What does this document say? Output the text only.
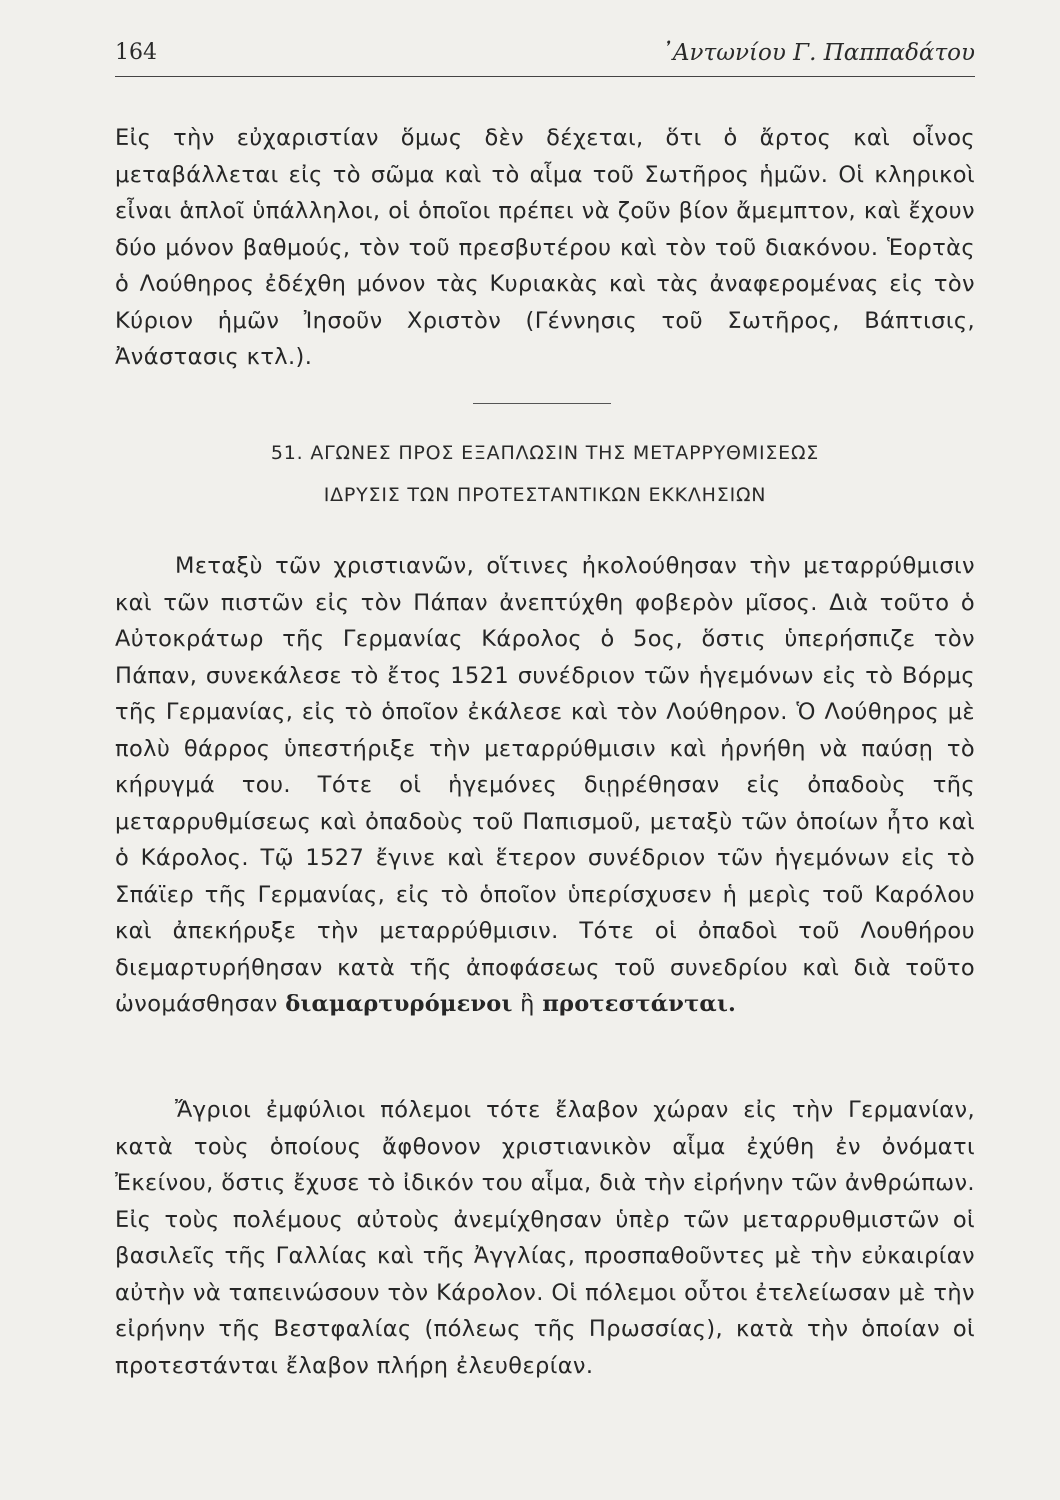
164	᾿Αντωνίου Γ. Παππαδάτου

Εἰς τὴν εὐχαριστίαν ὅμως δὲν δέχεται, ὅτι ὁ ἄρτος καὶ οἶνος μεταβάλλεται εἰς τὸ σῶμα καὶ τὸ αἷμα τοῦ Σωτῆρος ἡμῶν. Οἱ κληρικοὶ εἶναι ἁπλοῖ ὑπάλληλοι, οἱ ὁποῖοι πρέπει νὰ ζοῦν βίον ἄμεμπτον, καὶ ἔχουν δύο μόνον βαθμούς, τὸν τοῦ πρεσβυτέρου καὶ τὸν τοῦ διακόνου. Ἑορτὰς ὁ Λούθηρος ἐδέχθη μόνον τὰς Κυριακὰς καὶ τὰς ἀναφερομένας εἰς τὸν Κύριον ἡμῶν Ἰησοῦν Χριστὸν (Γέννησις τοῦ Σωτῆρος, Βάπτισις, Ἀνάστασις κτλ.).

51. ΑΓΩΝΕΣ ΠΡΟΣ ΕΞΑΠΛΩΣΙΝ ΤΗΣ ΜΕΤΑΡΡΥΘΜΙΣΕΩΣ
ΙΔΡΥΣΙΣ ΤΩΝ ΠΡΟΤΕΣΤΑΝΤΙΚΩΝ ΕΚΚΛΗΣΙΩΝ

Μεταξὺ τῶν χριστιανῶν, οἵτινες ἠκολούθησαν τὴν μεταρρύθμισιν καὶ τῶν πιστῶν εἰς τὸν Πάπαν ἀνεπτύχθη φοβερὸν μῖσος. Διὰ τοῦτο ὁ Αὐτοκράτωρ τῆς Γερμανίας Κάρολος ὁ 5ος, ὅστις ὑπερήσπιζε τὸν Πάπαν, συνεκάλεσε τὸ ἔτος 1521 συνέδριον τῶν ἡγεμόνων εἰς τὸ Βόρμς τῆς Γερμανίας, εἰς τὸ ὁποῖον ἐκάλεσε καὶ τὸν Λούθηρον. Ὁ Λούθηρος μὲ πολὺ θάρρος ὑπεστήριξε τὴν μεταρρύθμισιν καὶ ἠρνήθη νὰ παύσῃ τὸ κήρυγμά του. Τότε οἱ ἡγεμόνες διῃρέθησαν εἰς ὀπαδοὺς τῆς μεταρρυθμίσεως καὶ ὀπαδοὺς τοῦ Παπισμοῦ, μεταξὺ τῶν ὁποίων ἦτο καὶ ὁ Κάρολος. Τῷ 1527 ἔγινε καὶ ἕτερον συνέδριον τῶν ἡγεμόνων εἰς τὸ Σπάϊερ τῆς Γερμανίας, εἰς τὸ ὁποῖον ὑπερίσχυσεν ἡ μερὶς τοῦ Καρόλου καὶ ἀπεκήρυξε τὴν μεταρρύθμισιν. Τότε οἱ ὀπαδοὶ τοῦ Λουθήρου διεμαρτυρήθησαν κατὰ τῆς ἀποφάσεως τοῦ συνεδρίου καὶ διὰ τοῦτο ὠνομάσθησαν διαμαρτυρόμενοι ἢ προτεστάνται.

Ἄγριοι ἐμφύλιοι πόλεμοι τότε ἔλαβον χώραν εἰς τὴν Γερμανίαν, κατὰ τοὺς ὁποίους ἄφθονον χριστιανικὸν αἷμα ἐχύθη ἐν ὀνόματι Ἐκείνου, ὅστις ἔχυσε τὸ ἰδικόν του αἷμα, διὰ τὴν εἰρήνην τῶν ἀνθρώπων. Εἰς τοὺς πολέμους αὐτοὺς ἀνεμίχθησαν ὑπὲρ τῶν μεταρρυθμιστῶν οἱ βασιλεῖς τῆς Γαλλίας καὶ τῆς Ἀγγλίας, προσπαθοῦντες μὲ τὴν εὐκαιρίαν αὐτὴν νὰ ταπεινώσουν τὸν Κάρολον. Οἱ πόλεμοι οὗτοι ἐτελείωσαν μὲ τὴν εἰρήνην τῆς Βεστφαλίας (πόλεως τῆς Πρωσσίας), κατὰ τὴν ὁποίαν οἱ προτεστάνται ἔλαβον πλήρη ἐλευθερίαν.
